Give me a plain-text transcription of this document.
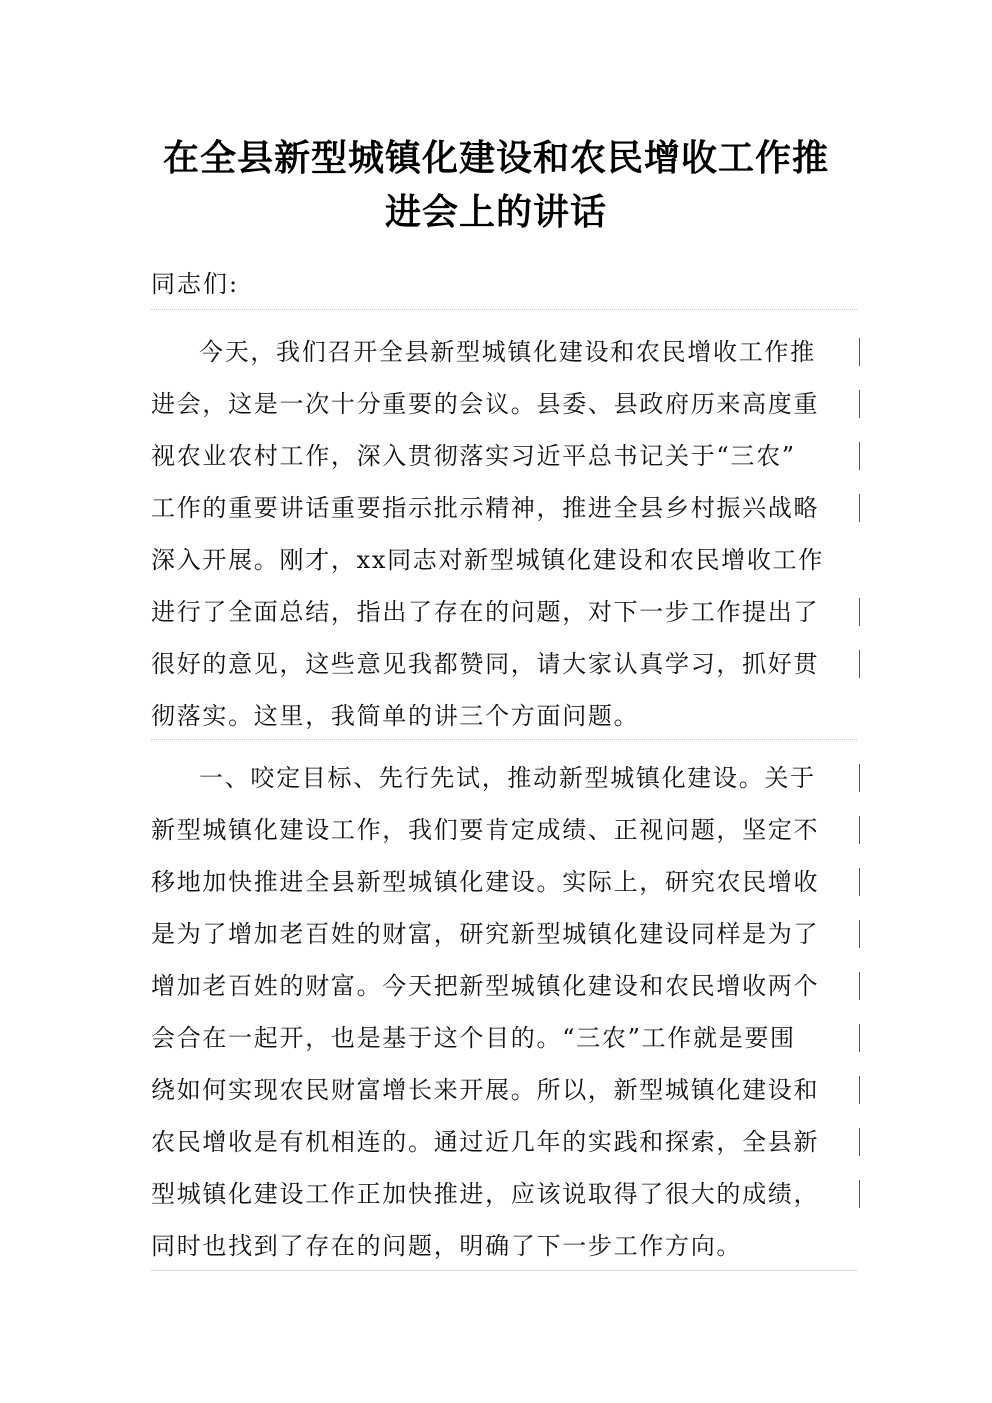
在全县新型城镇化建设和农民增收工作推
进会上的讲话
同志们:
今天，我们召开全县新型城镇化建设和农民增收工作推
进会，这是一次十分重要的会议。县委、县政府历来高度重
视农业农村工作，深入贯彻落实习近平总书记关于“三农”
工作的重要讲话重要指示批示精神，推进全县乡村振兴战略
深入开展。刚才，xx同志对新型城镇化建设和农民增收工作
进行了全面总结，指出了存在的问题，对下一步工作提出了
很好的意见，这些意见我都赞同，请大家认真学习，抓好贯
彻落实。这里，我简单的讲三个方面问题。
一、咬定目标、先行先试，推动新型城镇化建设。关于
新型城镇化建设工作，我们要肯定成绩、正视问题，坚定不
移地加快推进全县新型城镇化建设。实际上，研究农民增收
是为了增加老百姓的财富，研究新型城镇化建设同样是为了
增加老百姓的财富。今天把新型城镇化建设和农民增收两个
会合在一起开，也是基于这个目的。“三农”工作就是要围
绕如何实现农民财富增长来开展。所以，新型城镇化建设和
农民增收是有机相连的。通过近几年的实践和探索，全县新
型城镇化建设工作正加快推进，应该说取得了很大的成绩，
同时也找到了存在的问题，明确了下一步工作方向。
